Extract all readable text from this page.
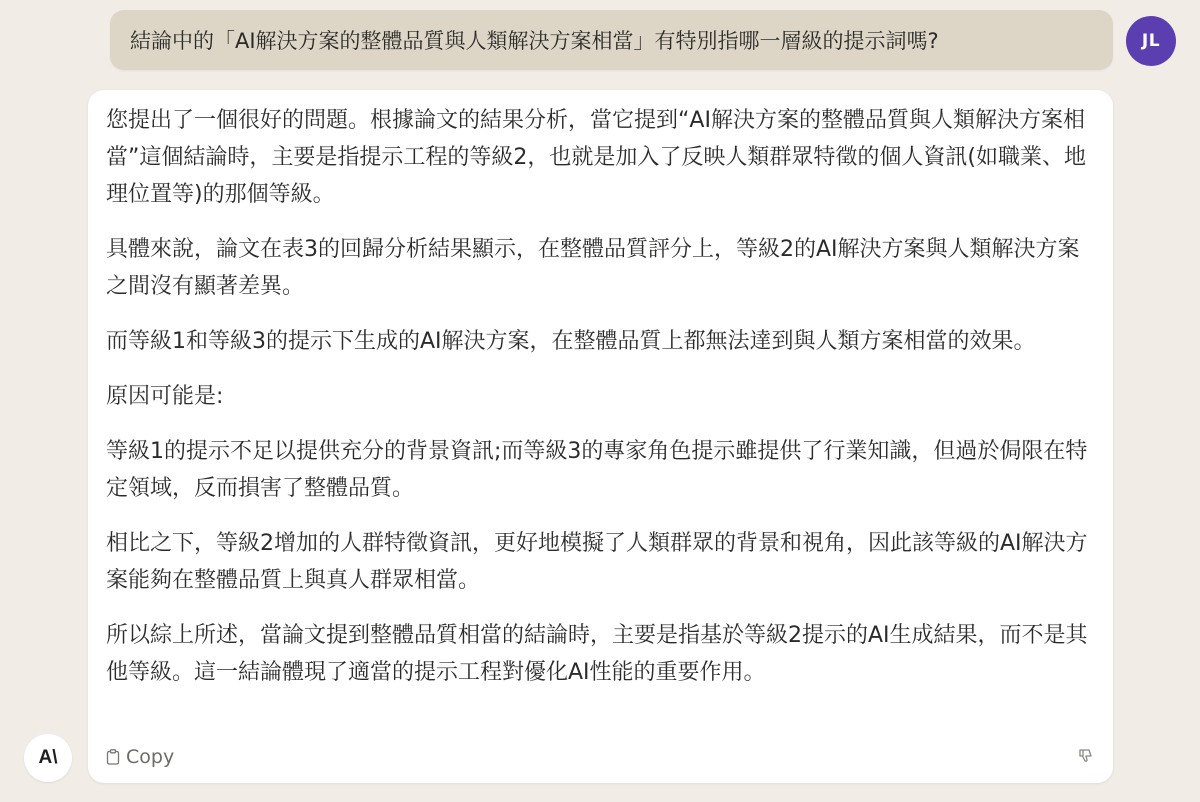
結論中的「AI解決方案的整體品質與人類解決方案相當」有特別指哪一層級的提示詞嗎?	JL

您提出了一個很好的問題。根據論文的結果分析，當它提到“AI解決方案的整體品質與人類解決方案相當”這個結論時，主要是指提示工程的等級2，也就是加入了反映人類群眾特徵的個人資訊(如職業、地理位置等)的那個等級。

具體來說，論文在表3的回歸分析結果顯示，在整體品質評分上，等級2的AI解決方案與人類解決方案之間沒有顯著差異。

而等級1和等級3的提示下生成的AI解決方案，在整體品質上都無法達到與人類方案相當的效果。

原因可能是:

等級1的提示不足以提供充分的背景資訊;而等級3的專家角色提示雖提供了行業知識，但過於侷限在特定領域，反而損害了整體品質。

相比之下，等級2增加的人群特徵資訊，更好地模擬了人類群眾的背景和視角，因此該等級的AI解決方案能夠在整體品質上與真人群眾相當。

所以綜上所述，當論文提到整體品質相當的結論時，主要是指基於等級2提示的AI生成結果，而不是其他等級。這一結論體現了適當的提示工程對優化AI性能的重要作用。

Copy
A\
